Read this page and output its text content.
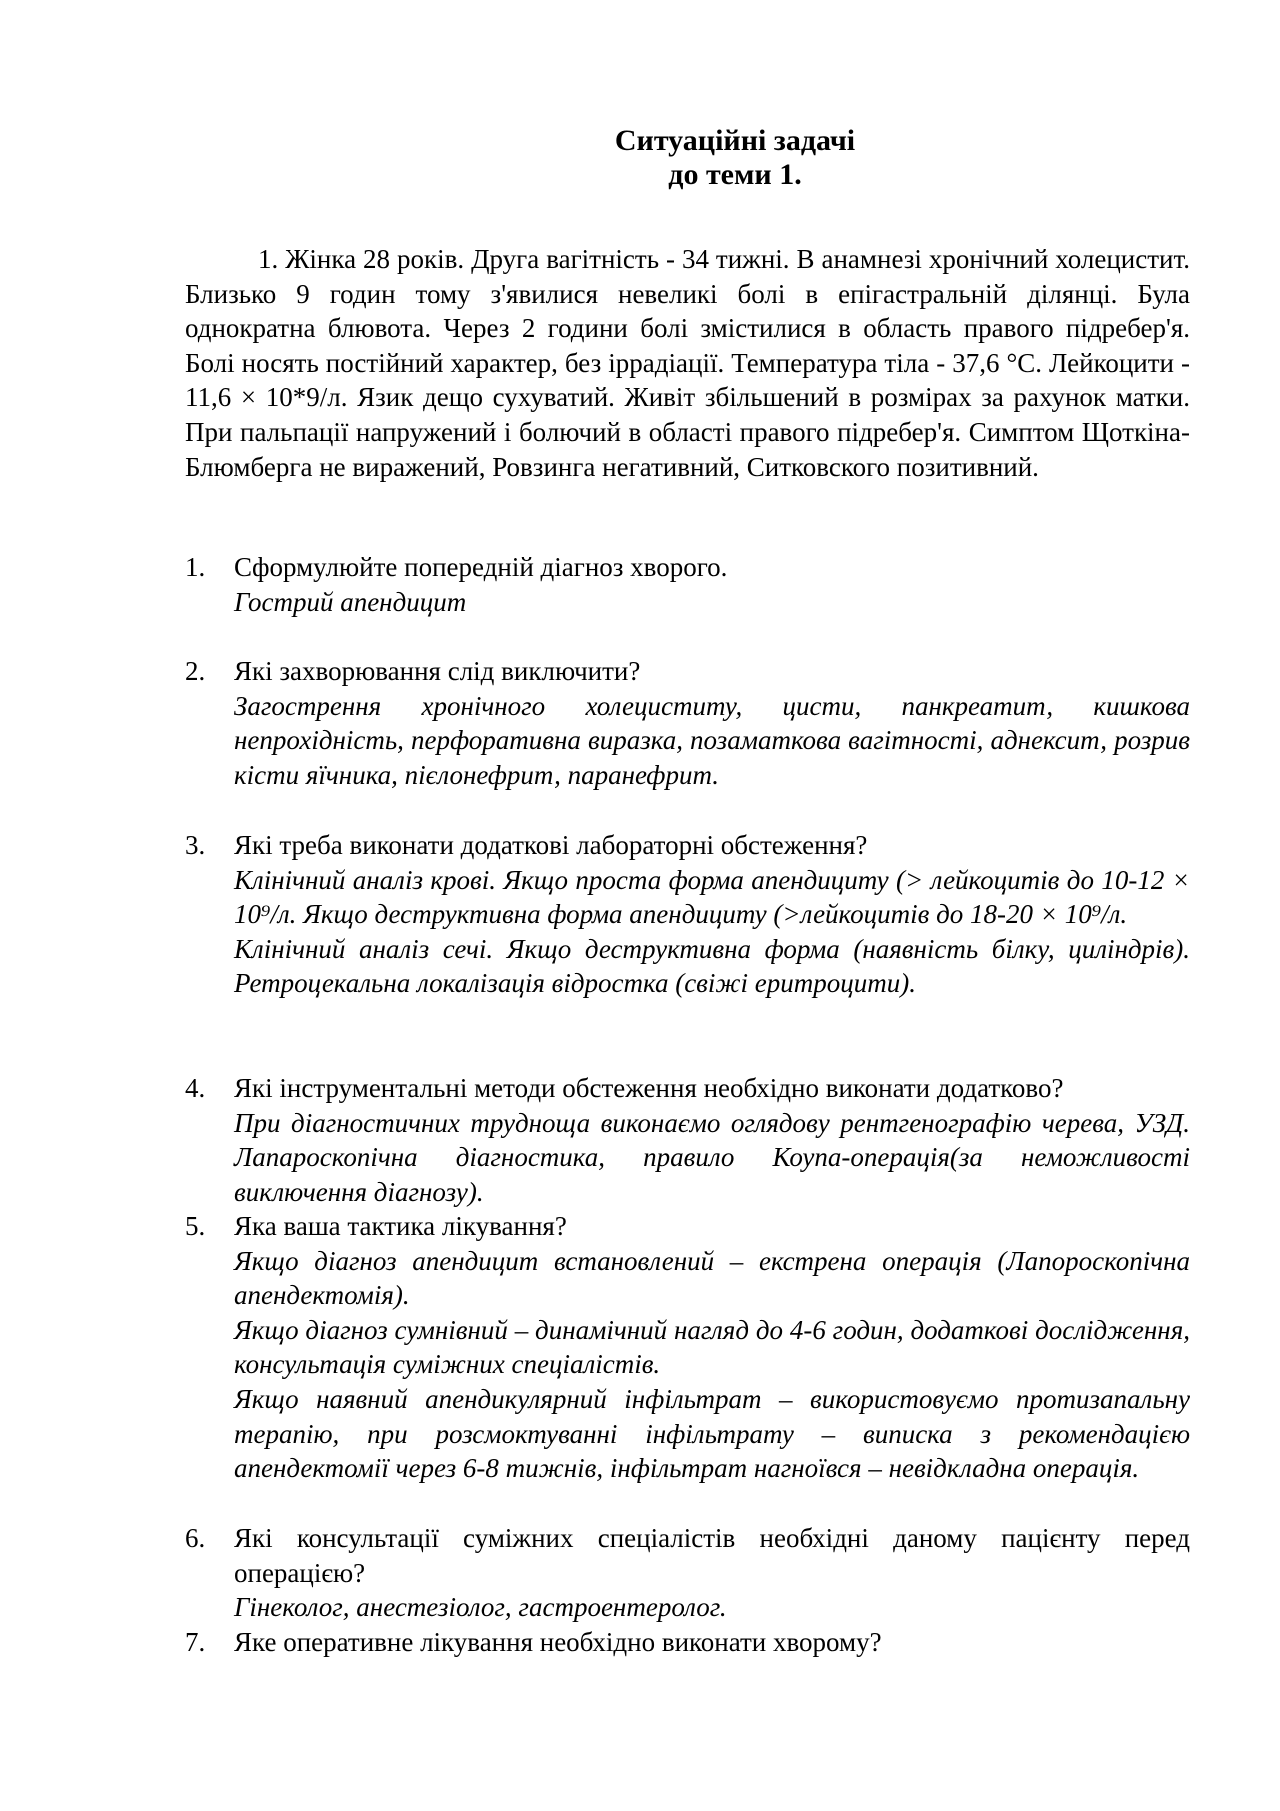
Ситуаційні задачі
до теми 1.

1. Жінка 28 років. Друга вагітність - 34 тижні. В анамнезі хронічний холецистит. Близько 9 годин тому з'явилися невеликі болі в епігастральній ділянці. Була однократна блювота. Через 2 години болі змістилися в область правого підребер'я. Болі носять постійний характер, без іррадіації. Температура тіла - 37,6 °С. Лейкоцити - 11,6 × 10*9/л. Язик дещо сухуватий. Живіт збільшений в розмірах за рахунок матки. При пальпації напружений і болючий в області правого підребер'я. Симптом Щоткіна-Блюмберга не виражений, Ровзинга негативний, Ситковского позитивний.

1. Сформулюйте попередній діагноз хворого.

Гострий апендицит

2. Які захворювання слід виключити?

Загострення хронічного холециститу, цисти, панкреатит, кишкова непрохідність, перфоративна виразка, позаматкова вагітності, аднексит, розрив кісти яїчника, пієлонефрит, паранефрит.

3. Які треба виконати додаткові лабораторні обстеження?

Клінічний аналіз крові. Якщо проста форма апендициту (> лейкоцитів до 10-12 × 10⁹/л. Якщо деструктивна форма апендициту (>лейкоцитів до 18-20 × 10⁹/л.

Клінічний аналіз сечі. Якщо деструктивна форма (наявність білку, циліндрів). Ретроцекальна локалізація відростка (свіжі еритроцити).

4. Які інструментальні методи обстеження необхідно виконати додатково?

При діагностичних трудноща виконаємо оглядову рентгенографію черева, УЗД. Лапароскопічна діагностика, правило Коупа-операція(за неможливості виключення діагнозу).

5. Яка ваша тактика лікування?

Якщо діагноз апендицит встановлений – екстрена операція (Лапороскопічна апендектомія).

Якщо діагноз сумнівний – динамічний нагляд до 4-6 годин, додаткові дослідження, консультація суміжних спеціалістів.

Якщо наявний апендикулярний інфільтрат – використовуємо протизапальну терапію, при розсмоктуванні інфільтрату – виписка з рекомендацією апендектомії через 6-8 тижнів, інфільтрат нагноївся – невідкладна операція.

6. Які консультації суміжних спеціалістів необхідні даному пацієнту перед операцією?

Гінеколог, анестезіолог, гастроентеролог.

7. Яке оперативне лікування необхідно виконати хворому?
